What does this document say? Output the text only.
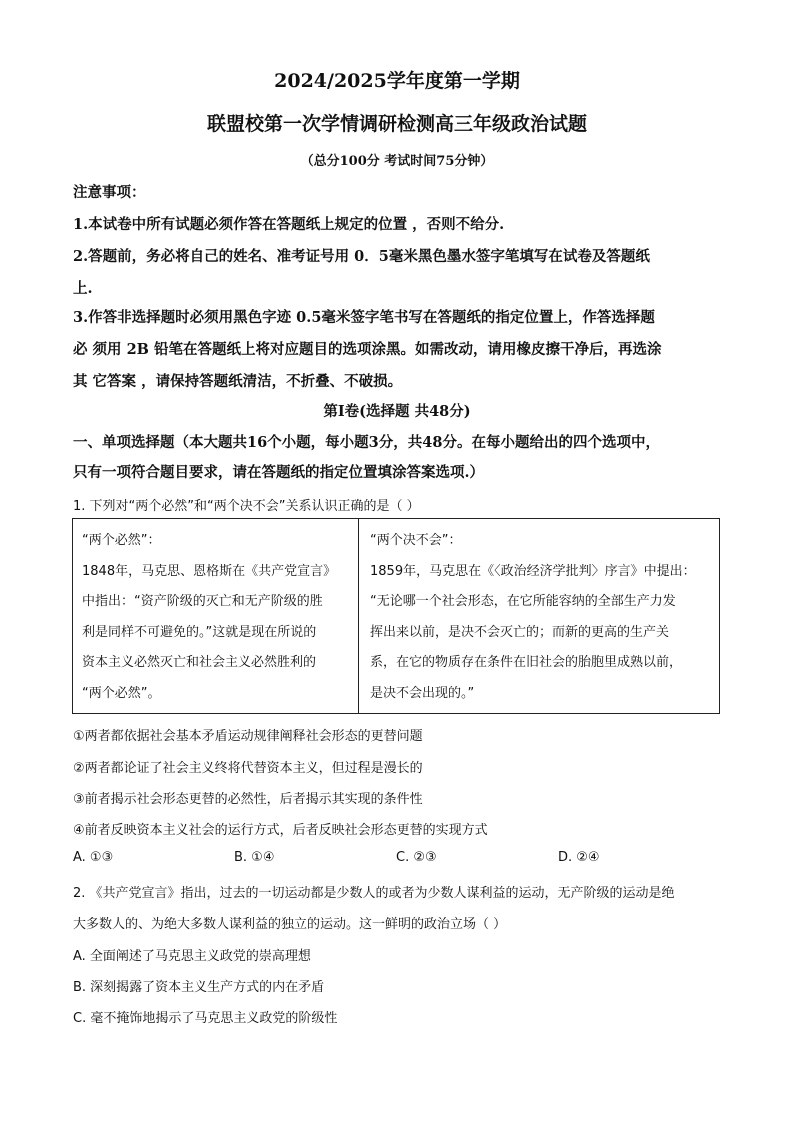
2024/2025学年度第一学期
联盟校第一次学情调研检测高三年级政治试题
（总分100分 考试时间75分钟）
注意事项：
1.本试卷中所有试题必须作答在答题纸上规定的位置 ，否则不给分.
2.答题前，务必将自己的姓名、准考证号用 0．5毫米黑色墨水签字笔填写在试卷及答题纸
上.
3.作答非选择题时必须用黑色字迹 0.5毫米签字笔书写在答题纸的指定位置上，作答选择题
必 须用 2B 铅笔在答题纸上将对应题目的选项涂黑。如需改动，请用橡皮擦干净后，再选涂
其 它答案 ，请保持答题纸清洁，不折叠、不破损。
第Ⅰ卷(选择题 共48分)
一、单项选择题（本大题共16个小题，每小题3分，共48分。在每小题给出的四个选项中，
只有一项符合题目要求，请在答题纸的指定位置填涂答案选项.）
1. 下列对“两个必然”和“两个决不会”关系认识正确的是（ ）
“两个必然”：
1848年，马克思、恩格斯在《共产党宣言》
中指出：“资产阶级的灭亡和无产阶级的胜
利是同样不可避免的。”这就是现在所说的
资本主义必然灭亡和社会主义必然胜利的
“两个必然”。
“两个决不会”：
1859年，马克思在《〈政治经济学批判〉序言》中提出：
“无论哪一个社会形态，在它所能容纳的全部生产力发
挥出来以前，是决不会灭亡的；而新的更高的生产关
系，在它的物质存在条件在旧社会的胎胞里成熟以前，
是决不会出现的。”
①两者都依据社会基本矛盾运动规律阐释社会形态的更替问题
②两者都论证了社会主义终将代替资本主义，但过程是漫长的
③前者揭示社会形态更替的必然性，后者揭示其实现的条件性
④前者反映资本主义社会的运行方式，后者反映社会形态更替的实现方式
A. ①③	B. ①④	C. ②③	D. ②④
2. 《共产党宣言》指出，过去的一切运动都是少数人的或者为少数人谋利益的运动，无产阶级的运动是绝
大多数人的、为绝大多数人谋利益的独立的运动。这一鲜明的政治立场（ ）
A. 全面阐述了马克思主义政党的崇高理想
B. 深刻揭露了资本主义生产方式的内在矛盾
C. 毫不掩饰地揭示了马克思主义政党的阶级性
